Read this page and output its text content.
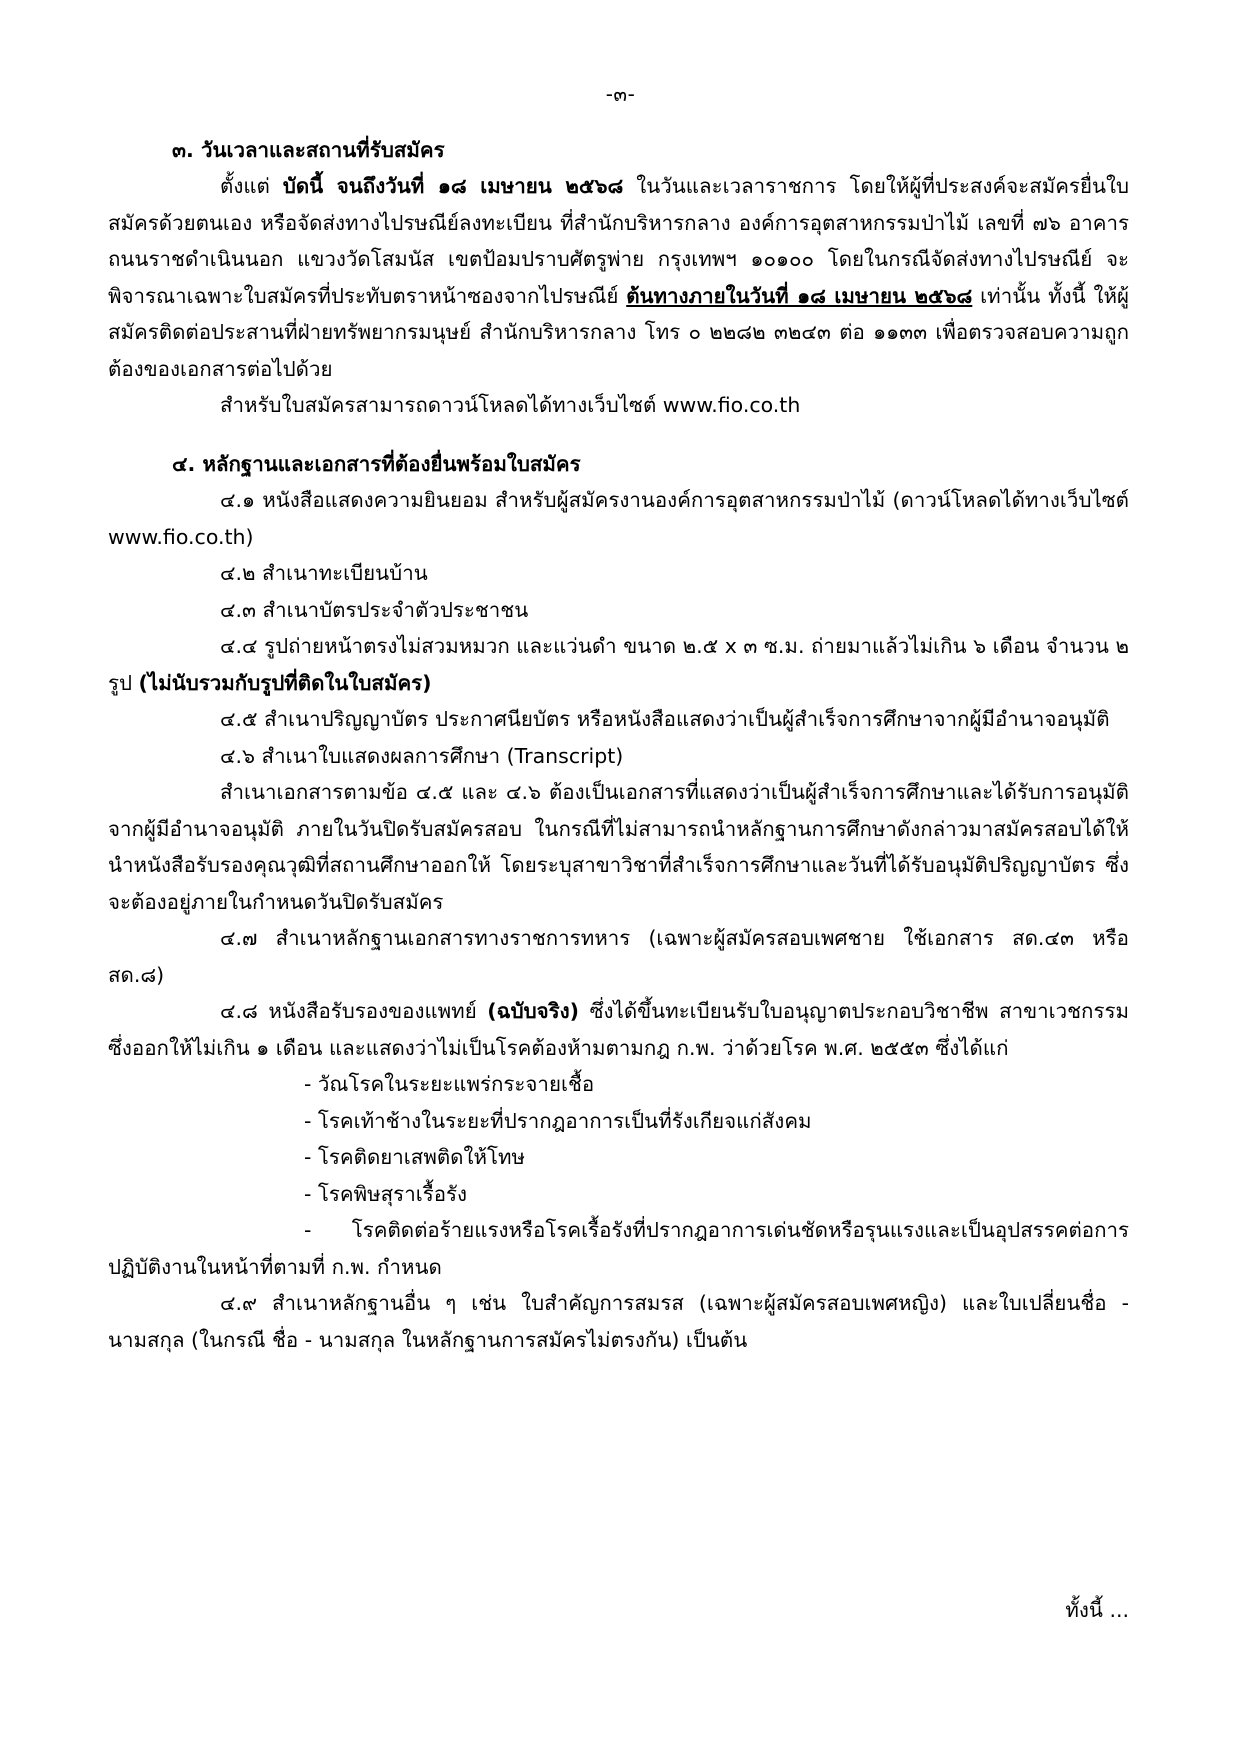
-๓-

๓. วันเวลาและสถานที่รับสมัคร

ตั้งแต่ บัดนี้ จนถึงวันที่ ๑๘ เมษายน ๒๕๖๘ ในวันและเวลาราชการ โดยให้ผู้ที่ประสงค์จะสมัครยื่นใบสมัครด้วยตนเอง หรือจัดส่งทางไปรษณีย์ลงทะเบียน ที่สำนักบริหารกลาง องค์การอุตสาหกรรมป่าไม้ เลขที่ ๗๖ อาคารถนนราชดำเนินนอก แขวงวัดโสมนัส เขตป้อมปราบศัตรูพ่าย กรุงเทพฯ ๑๐๑๐๐ โดยในกรณีจัดส่งทางไปรษณีย์ จะพิจารณาเฉพาะใบสมัครที่ประทับตราหน้าซองจากไปรษณีย์ ต้นทางภายในวันที่ ๑๘ เมษายน ๒๕๖๘ เท่านั้น ทั้งนี้ ให้ผู้สมัครติดต่อประสานที่ฝ่ายทรัพยากรมนุษย์ สำนักบริหารกลาง โทร ๐ ๒๒๘๒ ๓๒๔๓ ต่อ ๑๑๓๓ เพื่อตรวจสอบความถูกต้องของเอกสารต่อไปด้วย

สำหรับใบสมัครสามารถดาวน์โหลดได้ทางเว็บไซต์ www.fio.co.th

๔. หลักฐานและเอกสารที่ต้องยื่นพร้อมใบสมัคร

๔.๑ หนังสือแสดงความยินยอม สำหรับผู้สมัครงานองค์การอุตสาหกรรมป่าไม้ (ดาวน์โหลดได้ทางเว็บไซต์ www.fio.co.th)

๔.๒ สำเนาทะเบียนบ้าน

๔.๓ สำเนาบัตรประจำตัวประชาชน

๔.๔ รูปถ่ายหน้าตรงไม่สวมหมวก และแว่นดำ ขนาด ๒.๕ x ๓ ซ.ม. ถ่ายมาแล้วไม่เกิน ๖ เดือน จำนวน ๒ รูป (ไม่นับรวมกับรูปที่ติดในใบสมัคร)

๔.๕ สำเนาปริญญาบัตร ประกาศนียบัตร หรือหนังสือแสดงว่าเป็นผู้สำเร็จการศึกษาจากผู้มีอำนาจอนุมัติ

๔.๖ สำเนาใบแสดงผลการศึกษา (Transcript)

สำเนาเอกสารตามข้อ ๔.๕ และ ๔.๖ ต้องเป็นเอกสารที่แสดงว่าเป็นผู้สำเร็จการศึกษาและได้รับการอนุมัติจากผู้มีอำนาจอนุมัติ ภายในวันปิดรับสมัครสอบ ในกรณีที่ไม่สามารถนำหลักฐานการศึกษาดังกล่าวมาสมัครสอบได้ให้นำหนังสือรับรองคุณวุฒิที่สถานศึกษาออกให้ โดยระบุสาขาวิชาที่สำเร็จการศึกษาและวันที่ได้รับอนุมัติปริญญาบัตร ซึ่งจะต้องอยู่ภายในกำหนดวันปิดรับสมัคร

๔.๗ สำเนาหลักฐานเอกสารทางราชการทหาร (เฉพาะผู้สมัครสอบเพศชาย ใช้เอกสาร สด.๔๓ หรือ สด.๘)

๔.๘ หนังสือรับรองของแพทย์ (ฉบับจริง) ซึ่งได้ขึ้นทะเบียนรับใบอนุญาตประกอบวิชาชีพ สาขาเวชกรรม ซึ่งออกให้ไม่เกิน ๑ เดือน และแสดงว่าไม่เป็นโรคต้องห้ามตามกฎ ก.พ. ว่าด้วยโรค พ.ศ. ๒๕๕๓ ซึ่งได้แก่

- วัณโรคในระยะแพร่กระจายเชื้อ

- โรคเท้าช้างในระยะที่ปรากฎอาการเป็นที่รังเกียจแก่สังคม

- โรคติดยาเสพติดให้โทษ

- โรคพิษสุราเรื้อรัง

- โรคติดต่อร้ายแรงหรือโรคเรื้อรังที่ปรากฎอาการเด่นชัดหรือรุนแรงและเป็นอุปสรรคต่อการปฏิบัติงานในหน้าที่ตามที่ ก.พ. กำหนด

๔.๙ สำเนาหลักฐานอื่น ๆ เช่น ใบสำคัญการสมรส (เฉพาะผู้สมัครสอบเพศหญิง) และใบเปลี่ยนชื่อ - นามสกุล (ในกรณี ชื่อ - นามสกุล ในหลักฐานการสมัครไม่ตรงกัน) เป็นต้น

ทั้งนี้ ...
